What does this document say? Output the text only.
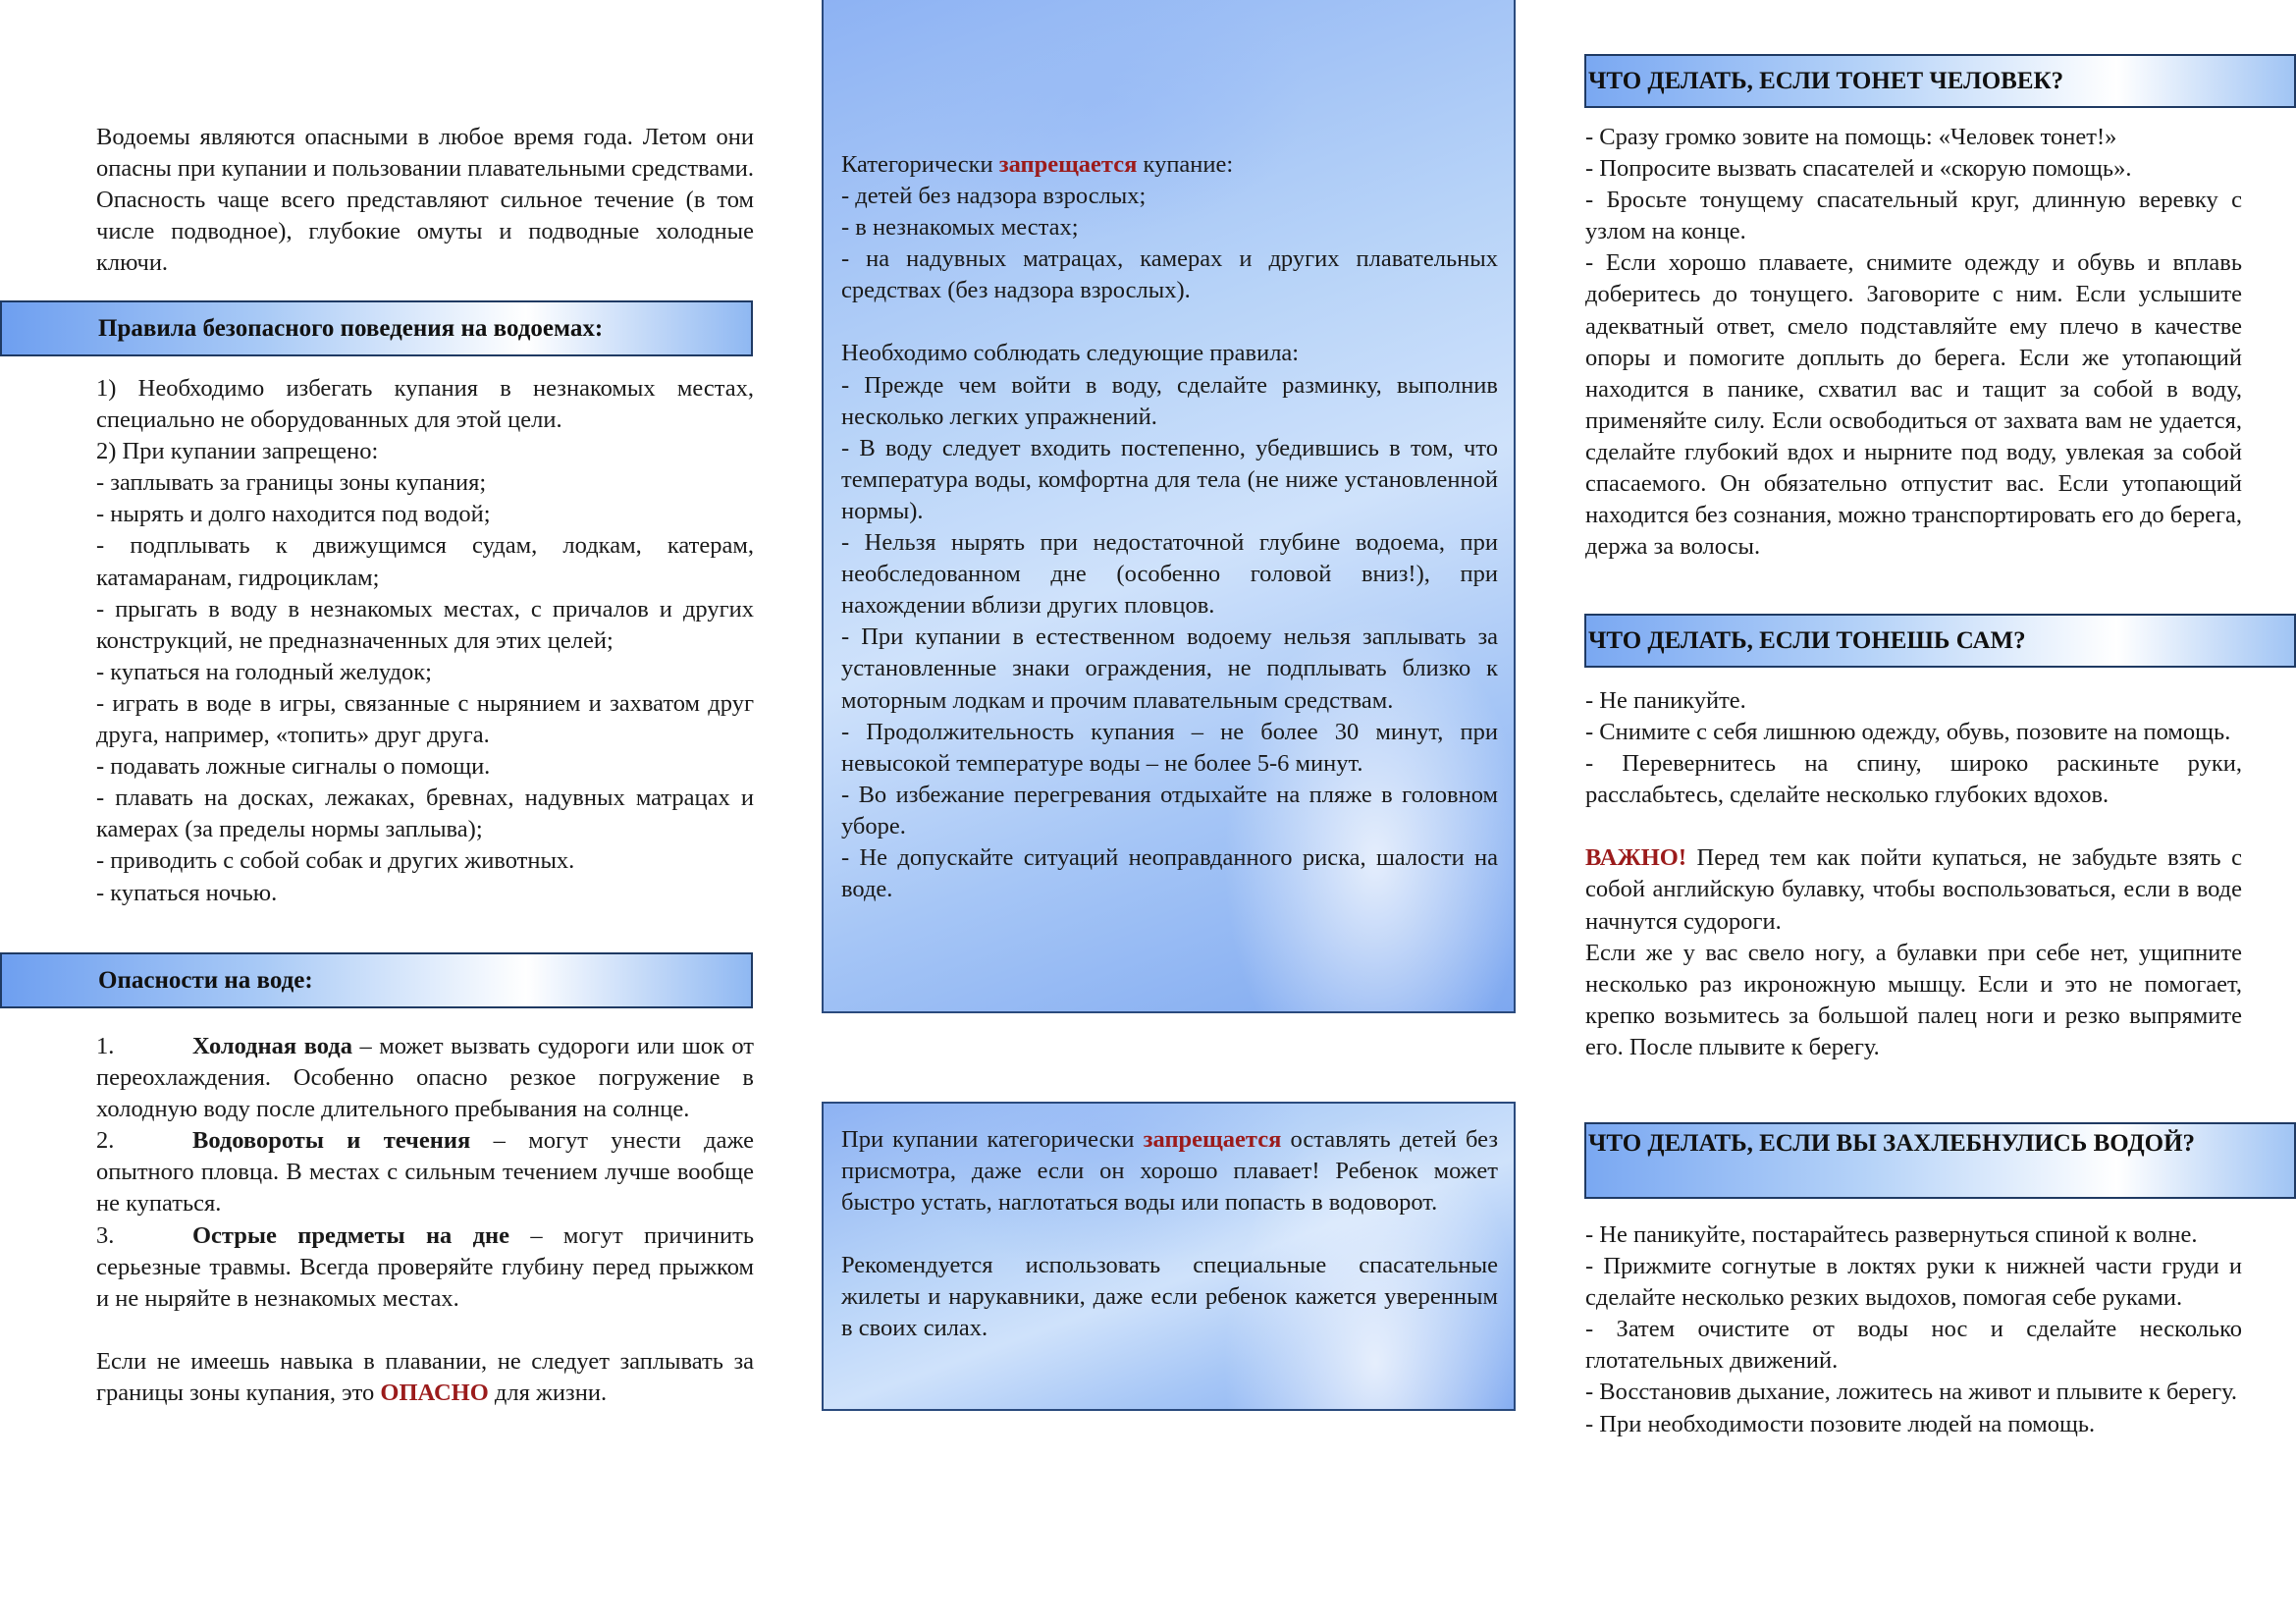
Водоемы являются опасными в любое время года. Летом они опасны при купании и пользовании плавательными средствами. Опасность чаще всего представляют сильное течение (в том числе подводное), глубокие омуты и подводные холодные ключи.

Правила безопасного поведения на водоемах:

1) Необходимо избегать купания в незнакомых местах, специально не оборудованных для этой цели.

2) При купании запрещено:

- заплывать за границы зоны купания;

- нырять и долго находится под водой;

- подплывать к движущимся судам, лодкам, катерам, катамаранам, гидроциклам;

- прыгать в воду в незнакомых местах, с причалов и других конструкций, не предназначенных для этих целей;

- купаться на голодный желудок;

- играть в воде в игры, связанные с нырянием и захватом друг друга, например, «топить» друг друга.

- подавать ложные сигналы о помощи.

- плавать на досках, лежаках, бревнах, надувных матрацах и камерах (за пределы нормы заплыва);

- приводить с собой собак и других животных.

- купаться ночью.

Опасности на воде:

1.	Холодная вода – может вызвать судороги или шок от переохлаждения. Особенно опасно резкое погружение в холодную воду после длительного пребывания на солнце.

2.	Водовороты и течения – могут унести даже опытного пловца. В местах с сильным течением лучше вообще не купаться.

3.	Острые предметы на дне – могут причинить серьезные травмы. Всегда проверяйте глубину перед прыжком и не ныряйте в незнакомых местах.

Если не имеешь навыка в плавании, не следует заплывать за границы зоны купания, это ОПАСНО для жизни.

Категорически запрещается купание:

- детей без надзора взрослых;

- в незнакомых местах;

- на надувных матрацах, камерах и других плавательных средствах (без надзора взрослых).

Необходимо соблюдать следующие правила:

- Прежде чем войти в воду, сделайте разминку, выполнив несколько легких упражнений.

- В воду следует входить постепенно, убедившись в том, что температура воды, комфортна для тела (не ниже установленной нормы).

- Нельзя нырять при недостаточной глубине водоема, при необследованном дне (особенно головой вниз!), при нахождении вблизи других пловцов.

- При купании в естественном водоему нельзя заплывать за установленные знаки ограждения, не подплывать близко к моторным лодкам и прочим плавательным средствам.

- Продолжительность купания – не более 30 минут, при невысокой температуре воды – не более 5-6 минут.

- Во избежание перегревания отдыхайте на пляже в головном уборе.

- Не допускайте ситуаций неоправданного риска, шалости на воде.

При купании категорически запрещается оставлять детей без присмотра, даже если он хорошо плавает! Ребенок может быстро устать, наглотаться воды или попасть в водоворот.

Рекомендуется использовать специальные спасательные жилеты и нарукавники, даже если ребенок кажется уверенным в своих силах.

ЧТО ДЕЛАТЬ, ЕСЛИ ТОНЕТ ЧЕЛОВЕК?

- Сразу громко зовите на помощь: «Человек тонет!»

- Попросите вызвать спасателей и «скорую помощь».

- Бросьте тонущему спасательный круг, длинную веревку с узлом на конце.

- Если хорошо плаваете, снимите одежду и обувь и вплавь доберитесь до тонущего. Заговорите с ним. Если услышите адекватный ответ, смело подставляйте ему плечо в качестве опоры и помогите доплыть до берега. Если же утопающий находится в панике, схватил вас и тащит за собой в воду, применяйте силу. Если освободиться от захвата вам не удается, сделайте глубокий вдох и нырните под воду, увлекая за собой спасаемого. Он обязательно отпустит вас. Если утопающий находится без сознания, можно транспортировать его до берега, держа за волосы.

ЧТО ДЕЛАТЬ, ЕСЛИ ТОНЕШЬ САМ?

- Не паникуйте.

- Снимите с себя лишнюю одежду, обувь, позовите на помощь.

- Перевернитесь на спину, широко раскиньте руки, расслабьтесь, сделайте несколько глубоких вдохов.

ВАЖНО! Перед тем как пойти купаться, не забудьте взять с собой английскую булавку, чтобы воспользоваться, если в воде начнутся судороги.

Если же у вас свело ногу, а булавки при себе нет, ущипните несколько раз икроножную мышцу. Если и это не помогает, крепко возьмитесь за большой палец ноги и резко выпрямите его. После плывите к берегу.

ЧТО ДЕЛАТЬ, ЕСЛИ ВЫ ЗАХЛЕБНУЛИСЬ ВОДОЙ?

- Не паникуйте, постарайтесь развернуться спиной к волне.

- Прижмите согнутые в локтях руки к нижней части груди и сделайте несколько резких выдохов, помогая себе руками.

- Затем очистите от воды нос и сделайте несколько глотательных движений.

- Восстановив дыхание, ложитесь на живот и плывите к берегу.

- При необходимости позовите людей на помощь.
